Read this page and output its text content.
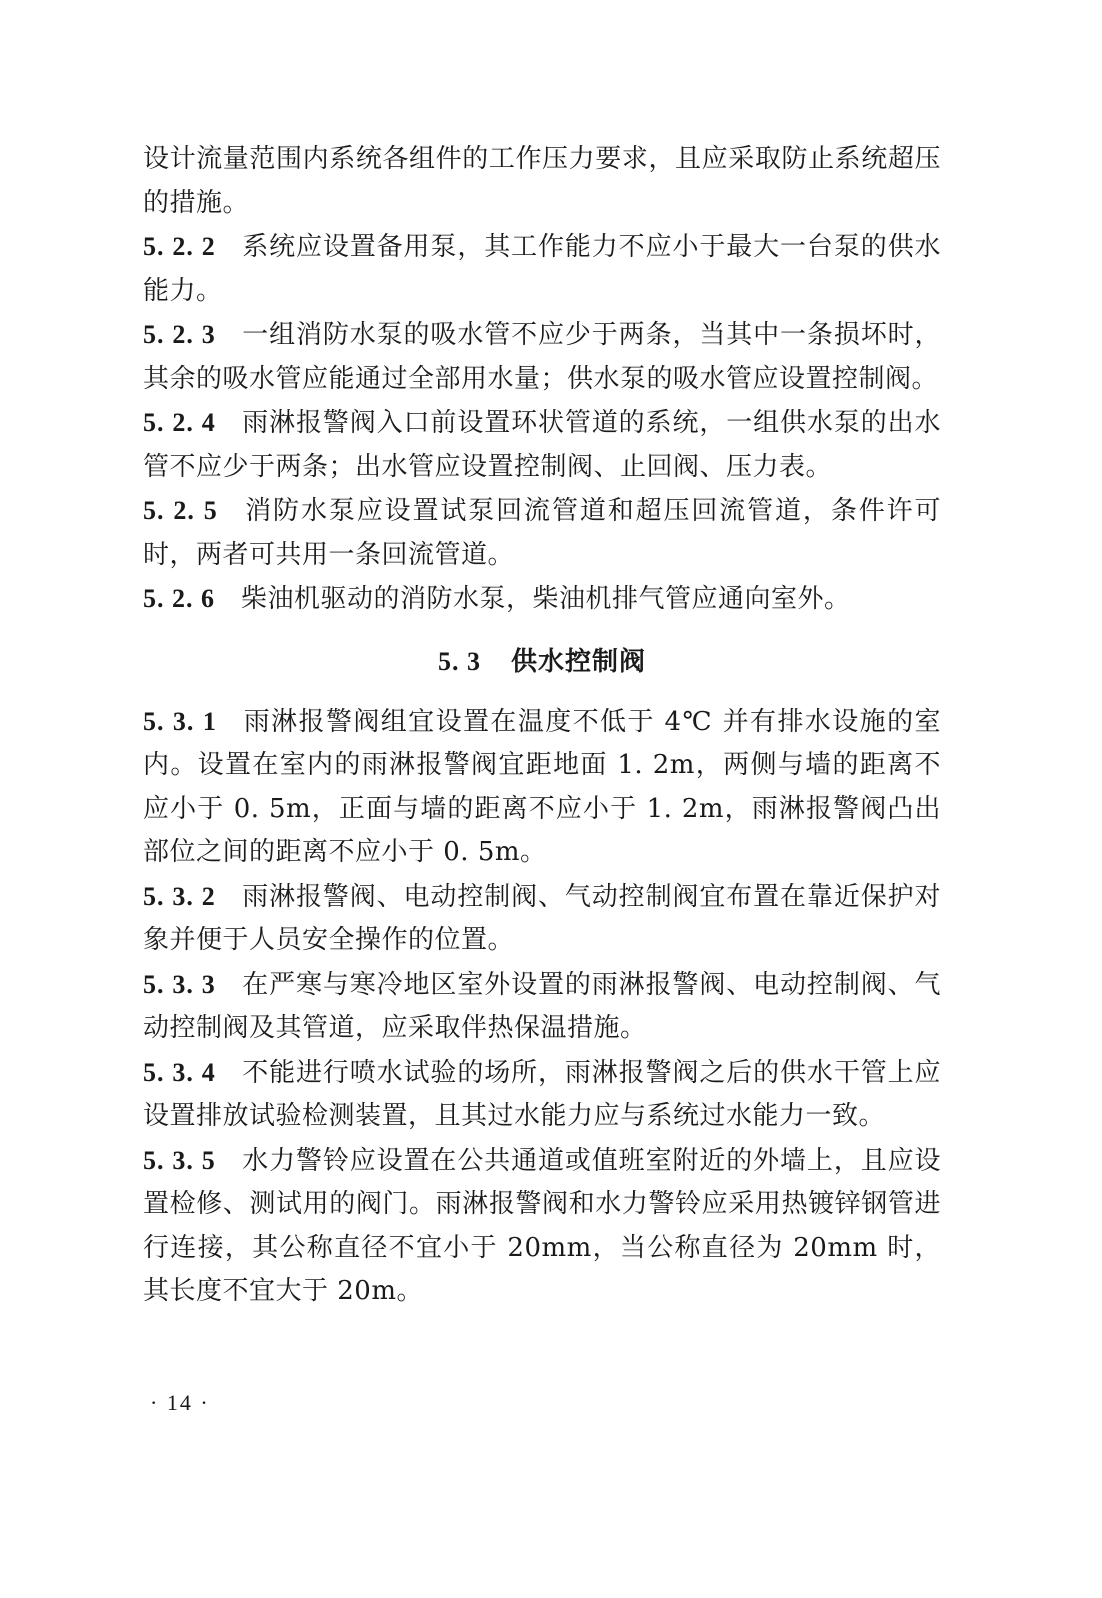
设计流量范围内系统各组件的工作压力要求，且应采取防止系统超压的措施。

5. 2. 2 系统应设置备用泵，其工作能力不应小于最大一台泵的供水能力。

5. 2. 3 一组消防水泵的吸水管不应少于两条，当其中一条损坏时，其余的吸水管应能通过全部用水量；供水泵的吸水管应设置控制阀。

5. 2. 4 雨淋报警阀入口前设置环状管道的系统，一组供水泵的出水管不应少于两条；出水管应设置控制阀、止回阀、压力表。

5. 2. 5 消防水泵应设置试泵回流管道和超压回流管道，条件许可时，两者可共用一条回流管道。

5. 2. 6 柴油机驱动的消防水泵，柴油机排气管应通向室外。

5. 3 供水控制阀

5. 3. 1 雨淋报警阀组宜设置在温度不低于 4℃ 并有排水设施的室内。设置在室内的雨淋报警阀宜距地面 1. 2m，两侧与墙的距离不应小于 0. 5m，正面与墙的距离不应小于 1. 2m，雨淋报警阀凸出部位之间的距离不应小于 0. 5m。

5. 3. 2 雨淋报警阀、电动控制阀、气动控制阀宜布置在靠近保护对象并便于人员安全操作的位置。

5. 3. 3 在严寒与寒冷地区室外设置的雨淋报警阀、电动控制阀、气动控制阀及其管道，应采取伴热保温措施。

5. 3. 4 不能进行喷水试验的场所，雨淋报警阀之后的供水干管上应设置排放试验检测装置，且其过水能力应与系统过水能力一致。

5. 3. 5 水力警铃应设置在公共通道或值班室附近的外墙上，且应设置检修、测试用的阀门。雨淋报警阀和水力警铃应采用热镀锌钢管进行连接，其公称直径不宜小于 20mm，当公称直径为 20mm 时，其长度不宜大于 20m。

· 14 ·
